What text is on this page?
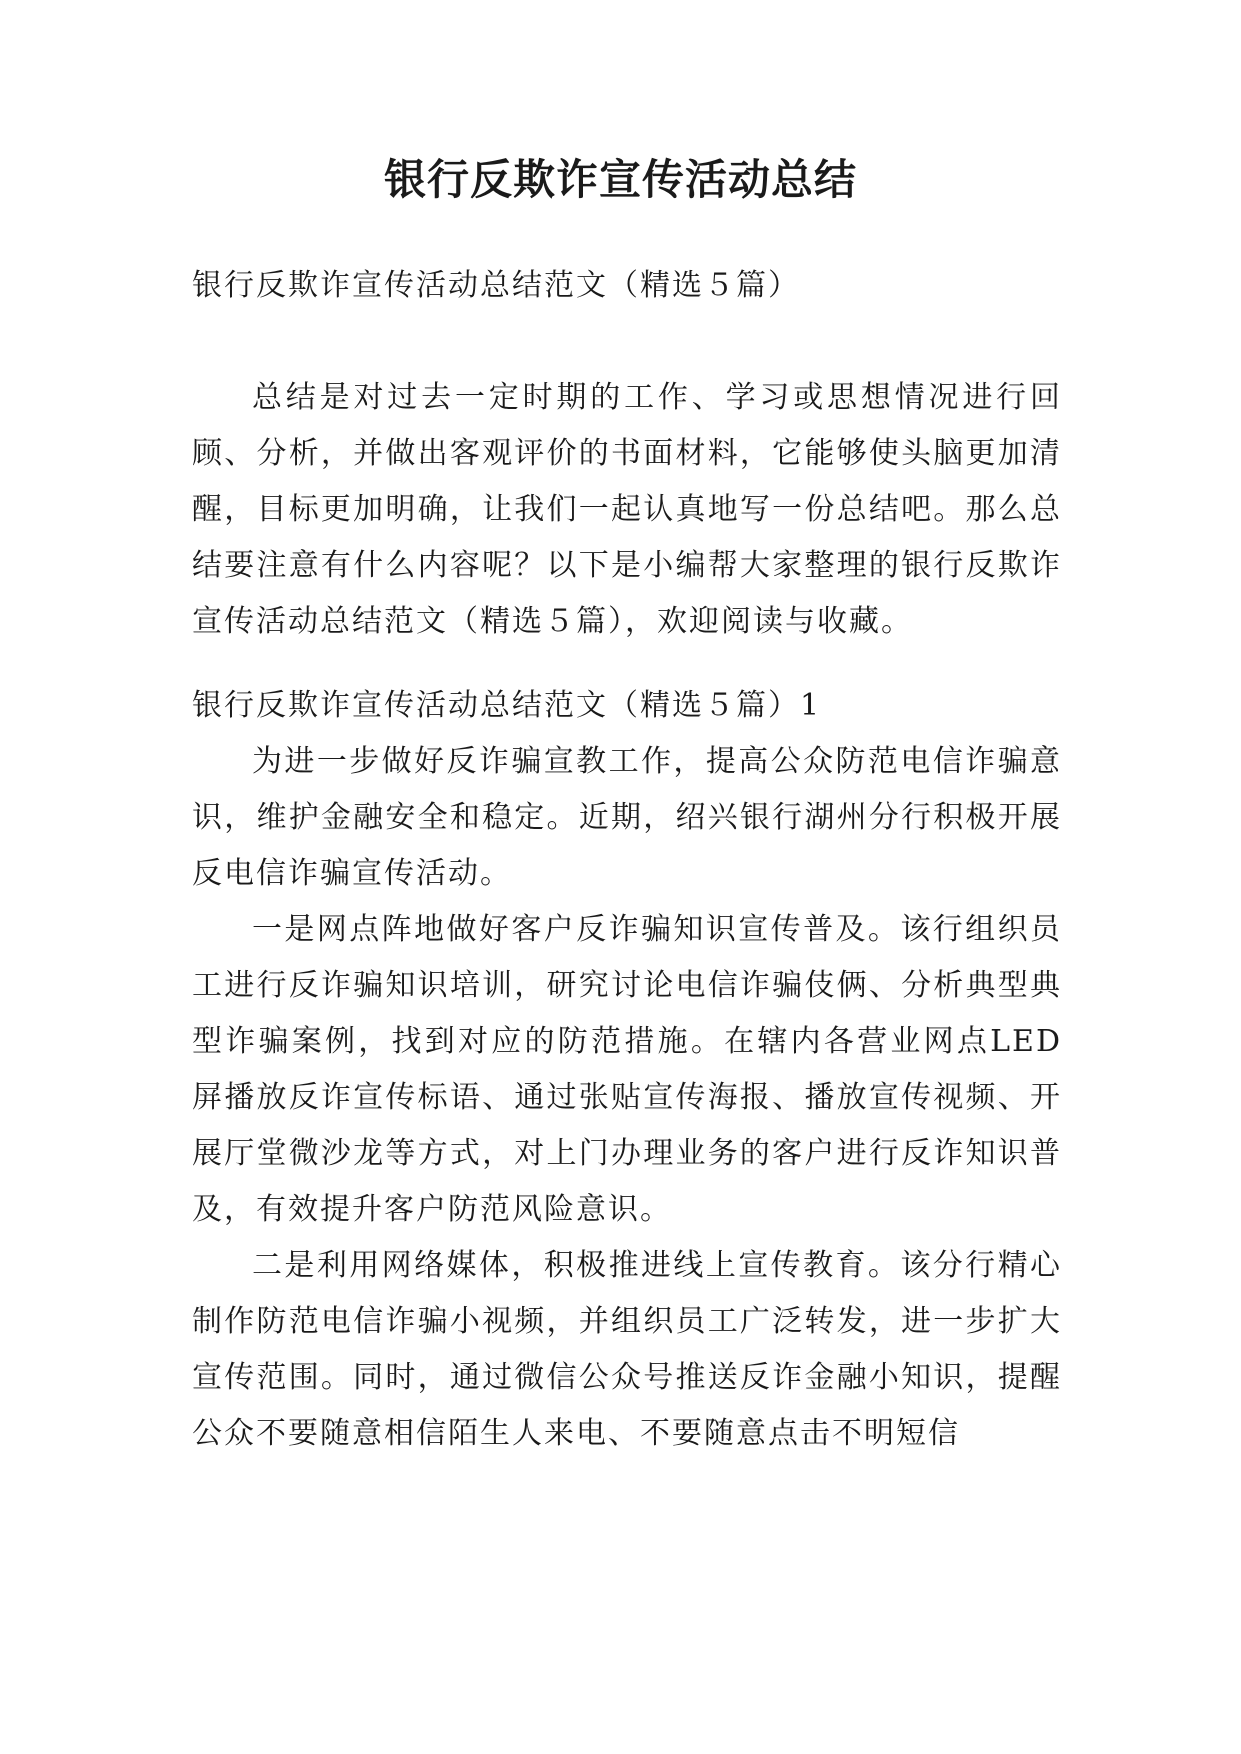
银行反欺诈宣传活动总结

银行反欺诈宣传活动总结范文（精选５篇）

总结是对过去一定时期的工作、学习或思想情况进行回顾、分析，并做出客观评价的书面材料，它能够使头脑更加清醒，目标更加明确，让我们一起认真地写一份总结吧。那么总结要注意有什么内容呢？以下是小编帮大家整理的银行反欺诈宣传活动总结范文（精选５篇），欢迎阅读与收藏。

银行反欺诈宣传活动总结范文（精选５篇）1

为进一步做好反诈骗宣教工作，提高公众防范电信诈骗意识，维护金融安全和稳定。近期，绍兴银行湖州分行积极开展反电信诈骗宣传活动。

一是网点阵地做好客户反诈骗知识宣传普及。该行组织员工进行反诈骗知识培训，研究讨论电信诈骗伎俩、分析典型典型诈骗案例，找到对应的防范措施。在辖内各营业网点LED屏播放反诈宣传标语、通过张贴宣传海报、播放宣传视频、开展厅堂微沙龙等方式，对上门办理业务的客户进行反诈知识普及，有效提升客户防范风险意识。

二是利用网络媒体，积极推进线上宣传教育。该分行精心制作防范电信诈骗小视频，并组织员工广泛转发，进一步扩大宣传范围。同时，通过微信公众号推送反诈金融小知识，提醒公众不要随意相信陌生人来电、不要随意点击不明短信
